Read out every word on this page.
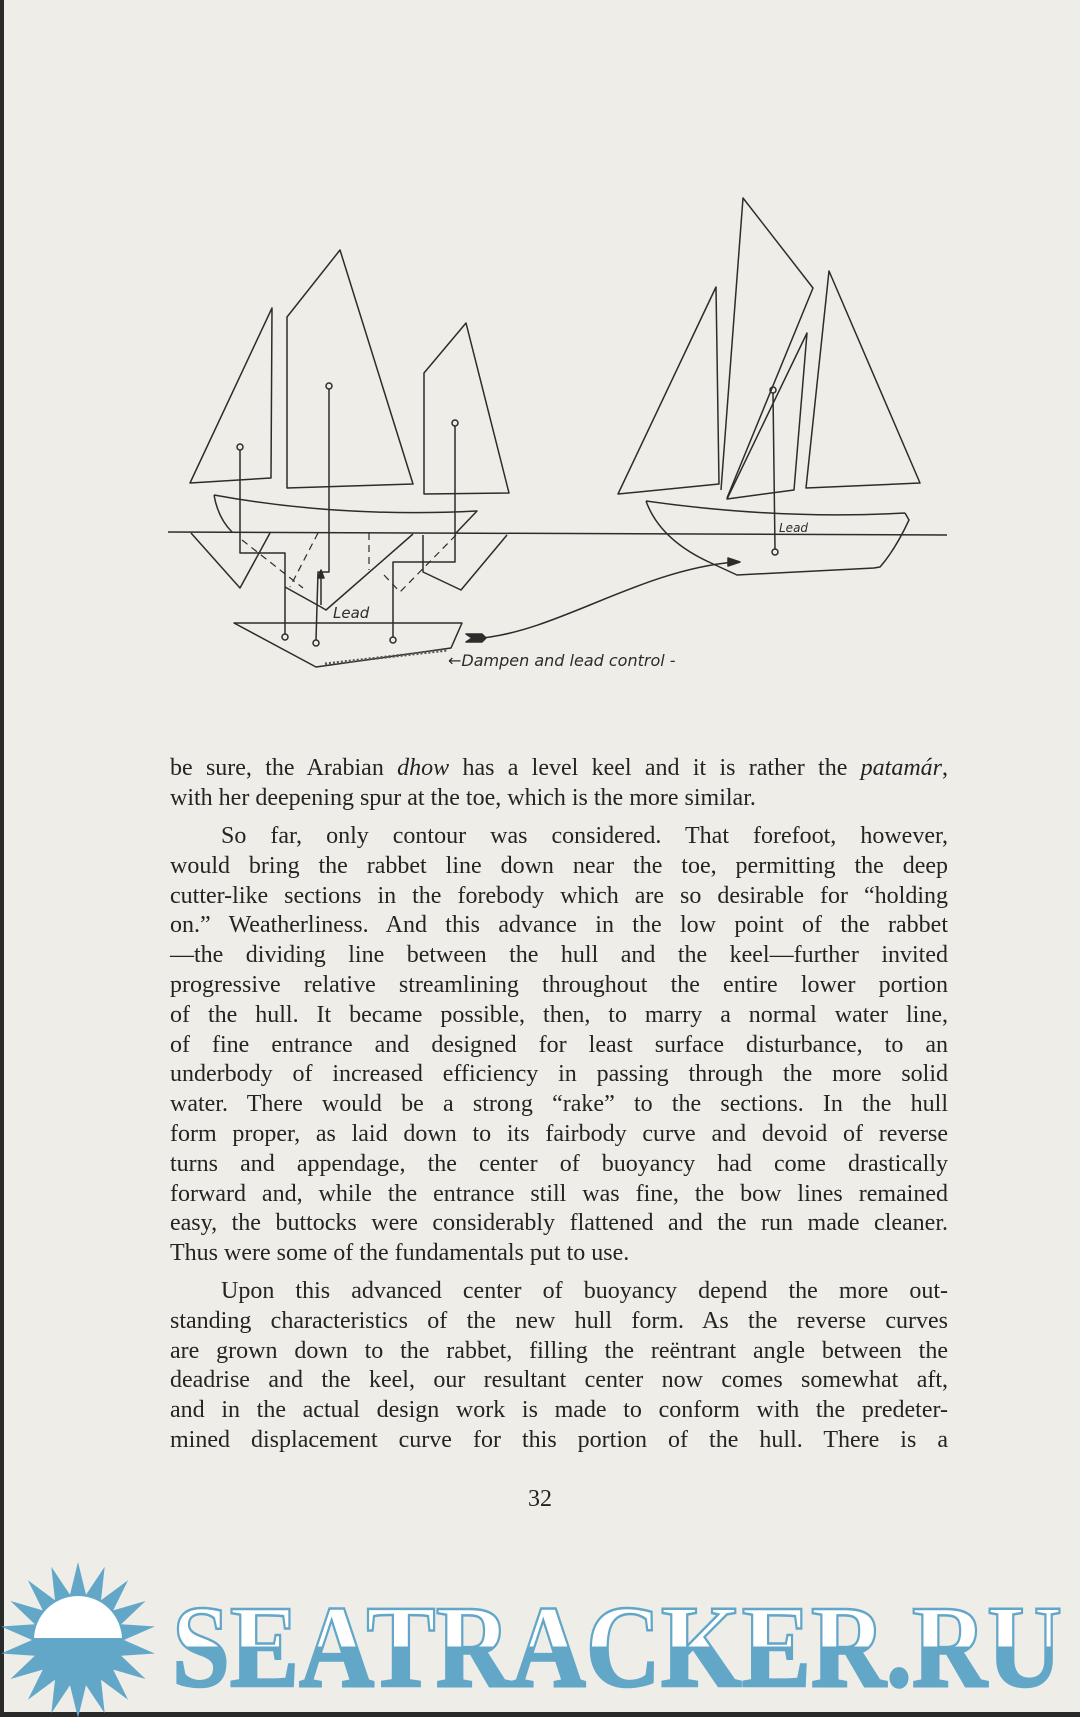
Lead
Lead
←Dampen and lead control -
be sure, the Arabian dhow has a level keel and it is rather the patamár,
with her deepening spur at the toe, which is the more similar.
So far, only contour was considered. That forefoot, however,
would bring the rabbet line down near the toe, permitting the deep
cutter-like sections in the forebody which are so desirable for “holding
on.” Weatherliness. And this advance in the low point of the rabbet
—the dividing line between the hull and the keel—further invited
progressive relative streamlining throughout the entire lower portion
of the hull. It became possible, then, to marry a normal water line,
of fine entrance and designed for least surface disturbance, to an
underbody of increased efficiency in passing through the more solid
water. There would be a strong “rake” to the sections. In the hull
form proper, as laid down to its fairbody curve and devoid of reverse
turns and appendage, the center of buoyancy had come drastically
forward and, while the entrance still was fine, the bow lines remained
easy, the buttocks were considerably flattened and the run made cleaner.
Thus were some of the fundamentals put to use.
Upon this advanced center of buoyancy depend the more out-
standing characteristics of the new hull form. As the reverse curves
are grown down to the rabbet, filling the reëntrant angle between the
deadrise and the keel, our resultant center now comes somewhat aft,
and in the actual design work is made to conform with the predeter-
mined displacement curve for this portion of the hull. There is a
32
SEATRACKER.RU
